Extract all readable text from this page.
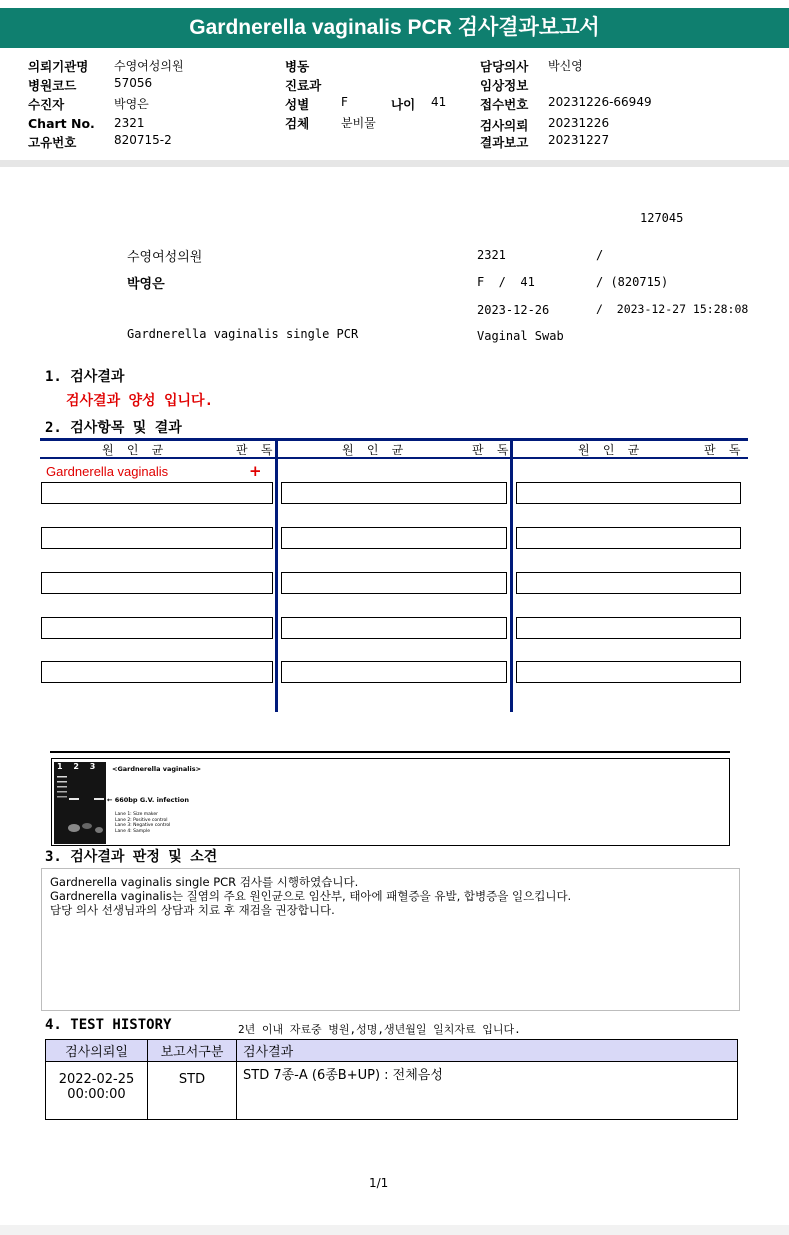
Gardnerella vaginalis PCR 검사결과보고서
의뢰기관명 수영여성의원
병원코드	57056
수진자	박영은
Chart No. 2321
고유번호	820715-2
병동
진료과
성별	F	나이 41
검체	분비물
담당의사 박신영
임상정보
접수번호 20231226-66949
검사의뢰 20231226
결과보고 20231227
127045
수영여성의원
박영은
Gardnerella vaginalis single PCR
2321	/
F  /  41	/ (820715)
2023-12-26	/  2023-12-27 15:28:08
Vaginal Swab
1. 검사결과
검사결과 양성 입니다.
2. 검사항목 및 결과
원 인 균	판 독	원 인 균	판 독	원 인 균	판 독
Gardnerella vaginalis	+
1 2 3 4
<Gardnerella vaginalis>
← 660bp G.V. infection
Lane 1: Size maker
Lane 2: Positive control
Lane 3: Negative control
Lane 4: Sample
3. 검사결과 판정 및 소견
Gardnerella vaginalis single PCR 검사를 시행하였습니다.
Gardnerella vaginalis는 질염의 주요 원인균으로 임산부, 태아에 패혈증을 유발, 합병증을 일으킵니다.
담당 의사 선생님과의 상담과 치료 후 재검을 권장합니다.
4. TEST HISTORY	2년 이내 자료중 병원,성명,생년월일 일치자료 입니다.
검사의뢰일	보고서구분	검사결과

2022-02-25
00:00:00	STD	STD 7종-A (6종B+UP) : 전체음성
1/1
